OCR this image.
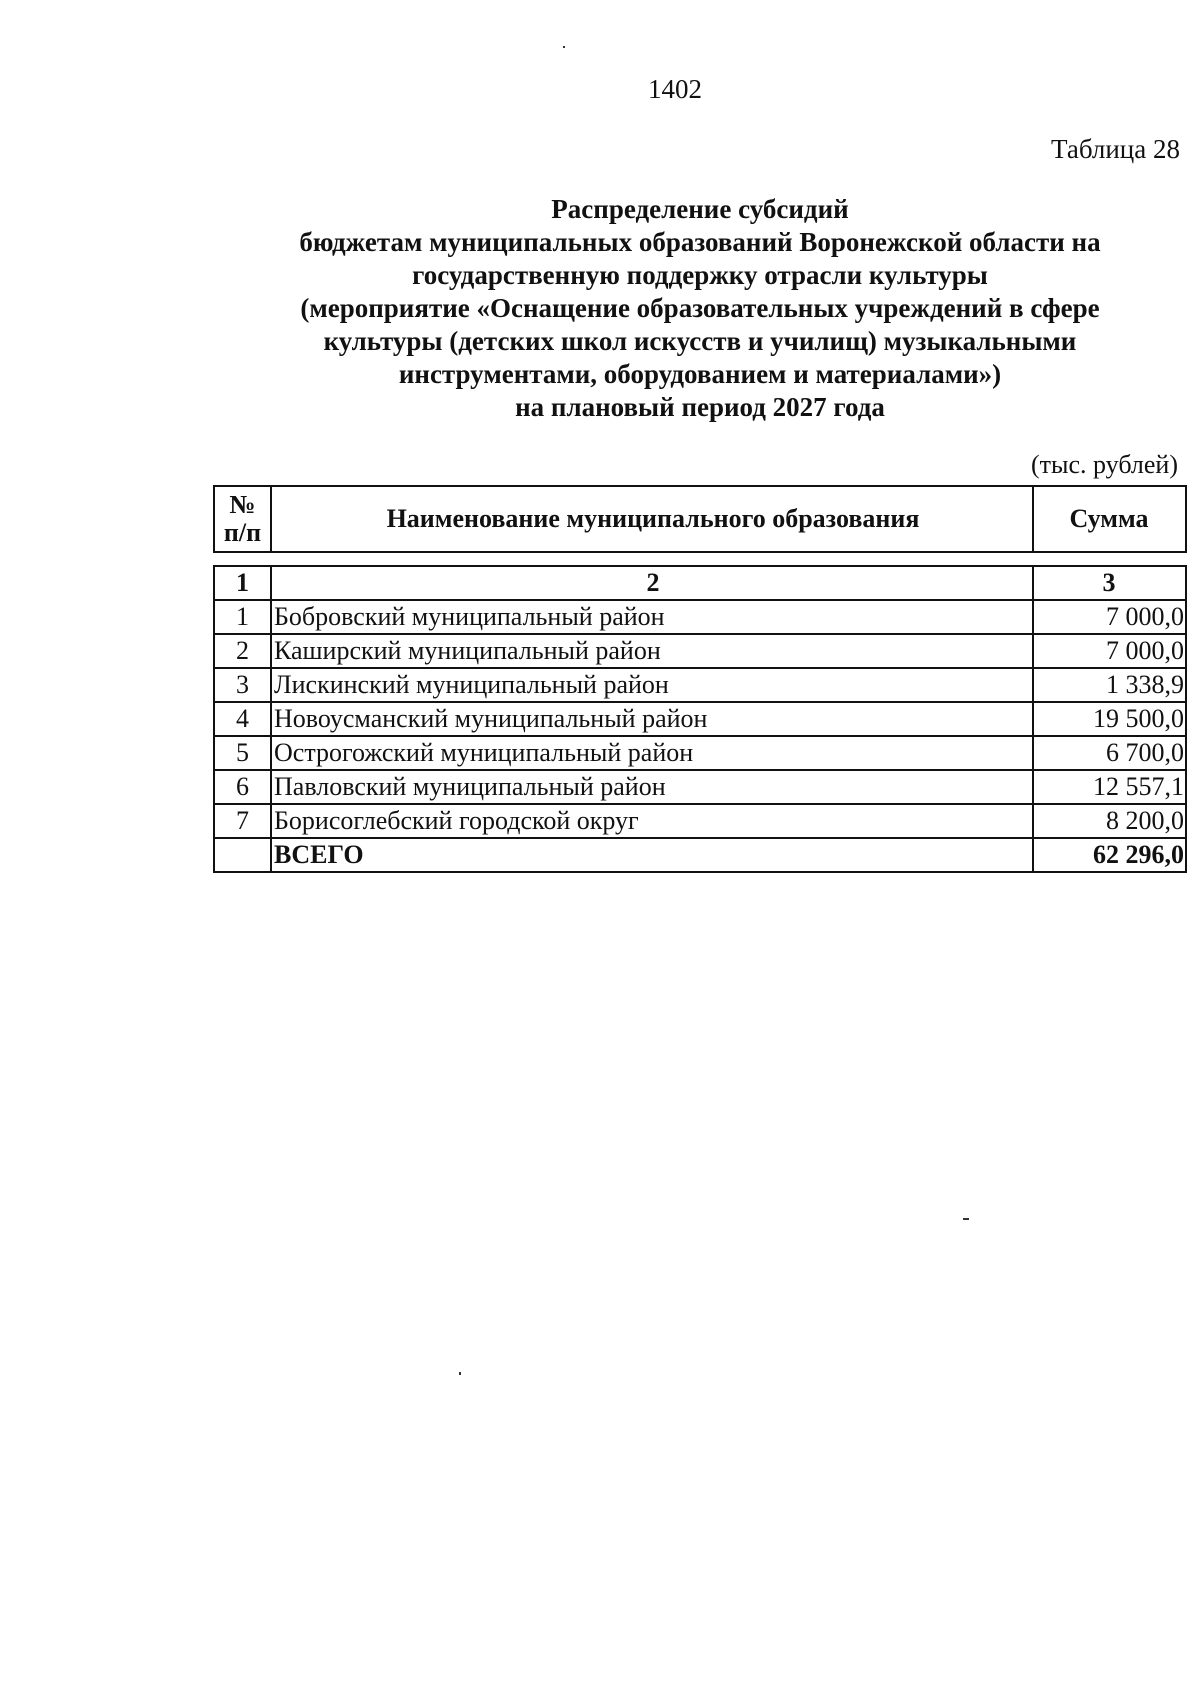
1402
Таблица 28
Распределение субсидий
бюджетам муниципальных образований Воронежской области на
государственную поддержку отрасли культуры
(мероприятие «Оснащение образовательных учреждений в сфере
культуры (детских школ искусств и училищ) музыкальными
инструментами, оборудованием и материалами»)
на плановый период 2027 года
(тыс. рублей)
№
п/п	Наименование муниципального образования	Сумма
1	2	3
1	Бобровский муниципальный район	7 000,0
2	Каширский муниципальный район	7 000,0
3	Лискинский муниципальный район	1 338,9
4	Новоусманский муниципальный район	19 500,0
5	Острогожский муниципальный район	6 700,0
6	Павловский муниципальный район	12 557,1
7	Борисоглебский городской округ	8 200,0
	ВСЕГО	62 296,0
